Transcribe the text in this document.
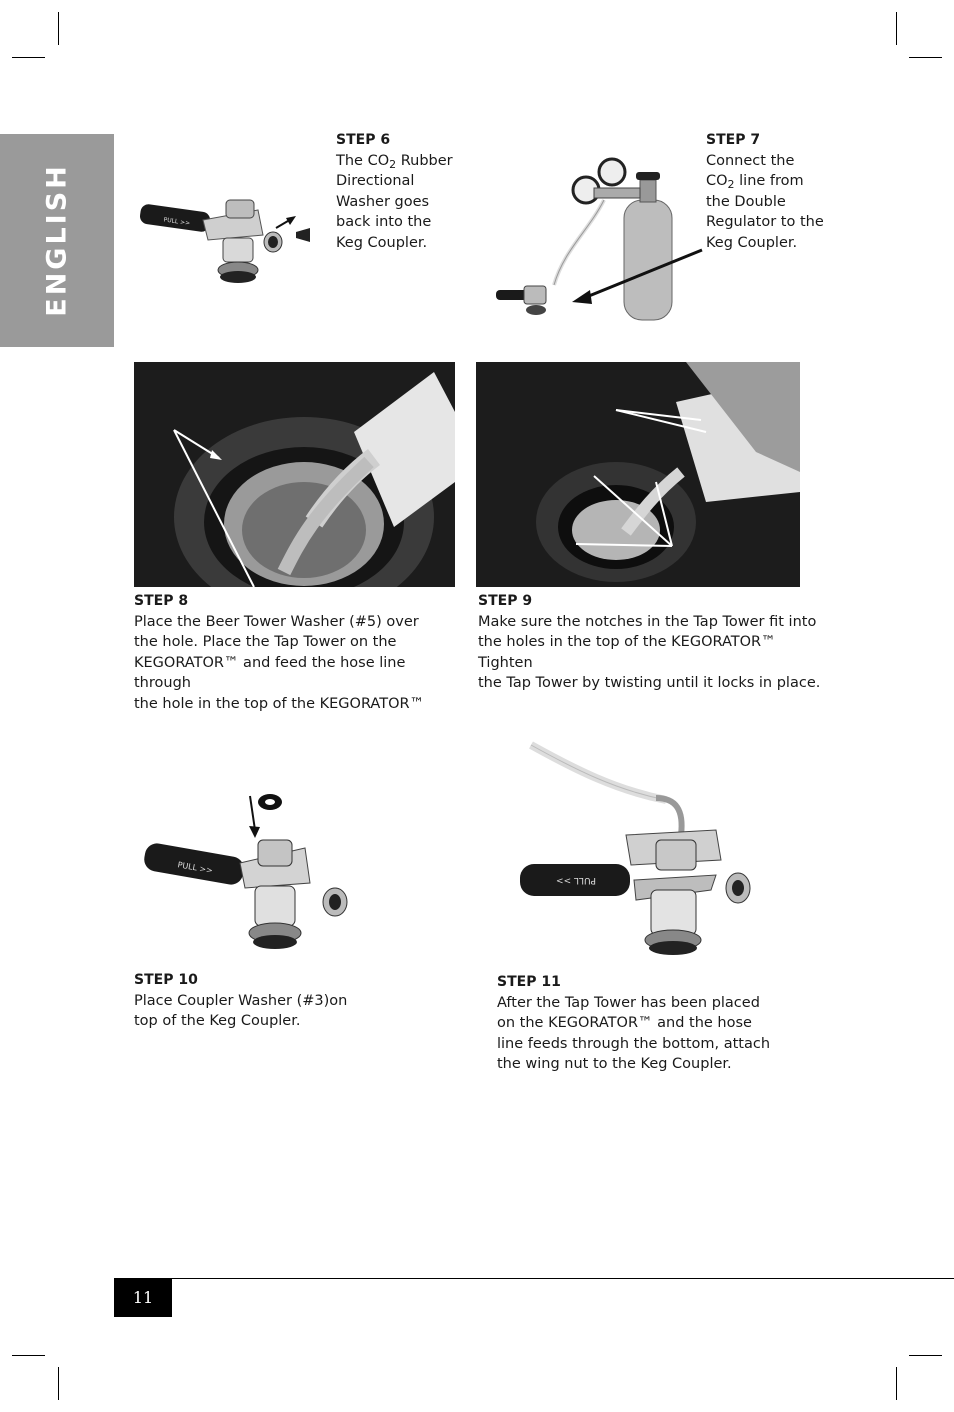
ENGLISH	PULL >>
STEP 6
The $CO_2$ Rubber
Directional
Washer goes
back into the
Keg Coupler.
STEP 7
Connect the
$CO_2$ line from
the Double
Regulator to the
Keg Coupler.
STEP 8
Place the Beer Tower Washer (#5) over
the hole. Place the Tap Tower on the
KEGORATOR™ and feed the hose line through
the hole in the top of the KEGORATOR™
STEP 9
Make sure the notches in the Tap Tower fit into
the holes in the top of the KEGORATOR™ Tighten
the Tap Tower by twisting until it locks in place.
PULL >>
PULL >>
STEP 10
Place Coupler Washer (#3)on
top of the Keg Coupler.
STEP 11
After the Tap Tower has been placed
on the KEGORATOR™ and the hose
line feeds through the bottom, attach
the wing nut to the Keg Coupler.
11
